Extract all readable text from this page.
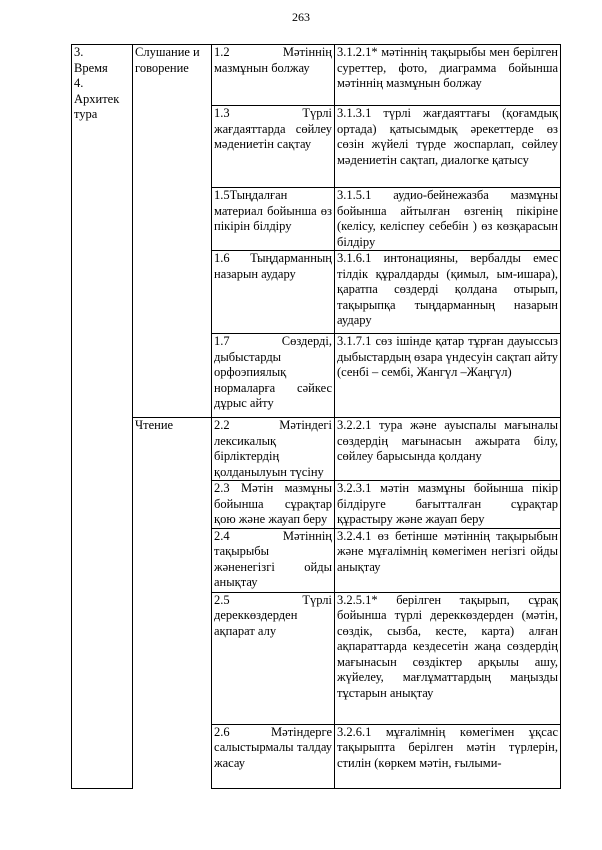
263
3.
Время
4.
Архитек
тура	Слушание и говорение	1.2 Мәтіннің мазмұнын болжау	3.1.2.1* мәтіннің тақырыбы мен берілген суреттер, фото, диаграмма бойынша мәтіннің мазмұнын болжау
		1.3 Түрлі жағдаяттарда сөйлеу мәдениетін сақтау	3.1.3.1 түрлі жағдаяттағы (қоғамдық ортада) қатысымдық әрекеттерде өз сөзін жүйелі түрде жоспарлап, сөйлеу мәдениетін сақтап, диалогке қатысу
		1.5Тыңдалған материал бойынша өз пікірін білдіру	3.1.5.1 аудио-бейнежазба мазмұны бойынша айтылған өзгенің пікіріне (келісу, келіспеу себебін ) өз көзқарасын білдіру
		1.6 Тыңдарманның назарын аудару	3.1.6.1 интонацияны, вербалды емес тілдік құралдарды (қимыл, ым-ишара), қаратпа сөздерді қолдана отырып, тақырыпқа тыңдарманның назарын аудару
		1.7 Сөздерді, дыбыстарды орфоэпиялық нормаларға сәйкес дұрыс айту	3.1.7.1 сөз ішінде қатар тұрған дауыссыз дыбыстардың өзара үндесуін сақтап айту (сенбі – сембі, Жангүл –Жаңгүл)
	Чтение	2.2 Мәтіндегі лексикалық бірліктердің қолданылуын түсіну	3.2.2.1 тура және ауыспалы мағыналы сөздердің мағынасын ажырата білу, сөйлеу барысында қолдану
		2.3 Мәтін мазмұны бойынша сұрақтар қою және жауап беру	3.2.3.1 мәтін мазмұны бойынша пікір білдіруге бағытталған сұрақтар құрастыру және жауап беру
		2.4 Мәтіннің тақырыбы жәненегізгі ойды анықтау	3.2.4.1 өз бетінше мәтіннің тақырыбын және мұғалімнің көмегімен негізгі ойды анықтау
		2.5 Түрлі дереккөздерден ақпарат алу	3.2.5.1* берілген тақырып, сұрақ бойынша түрлі дереккөздерден (мәтін, сөздік, сызба, кесте, карта) алған ақпараттарда кездесетін жаңа сөздердің мағынасын сөздіктер арқылы ашу, жүйелеу, мағлұматтардың маңызды тұстарын анықтау
		2.6 Мәтіндерге салыстырмалы талдау жасау	3.2.6.1 мұғалімнің көмегімен ұқсас тақырыпта берілген мәтін түрлерін, стилін (көркем мәтін, ғылыми-
